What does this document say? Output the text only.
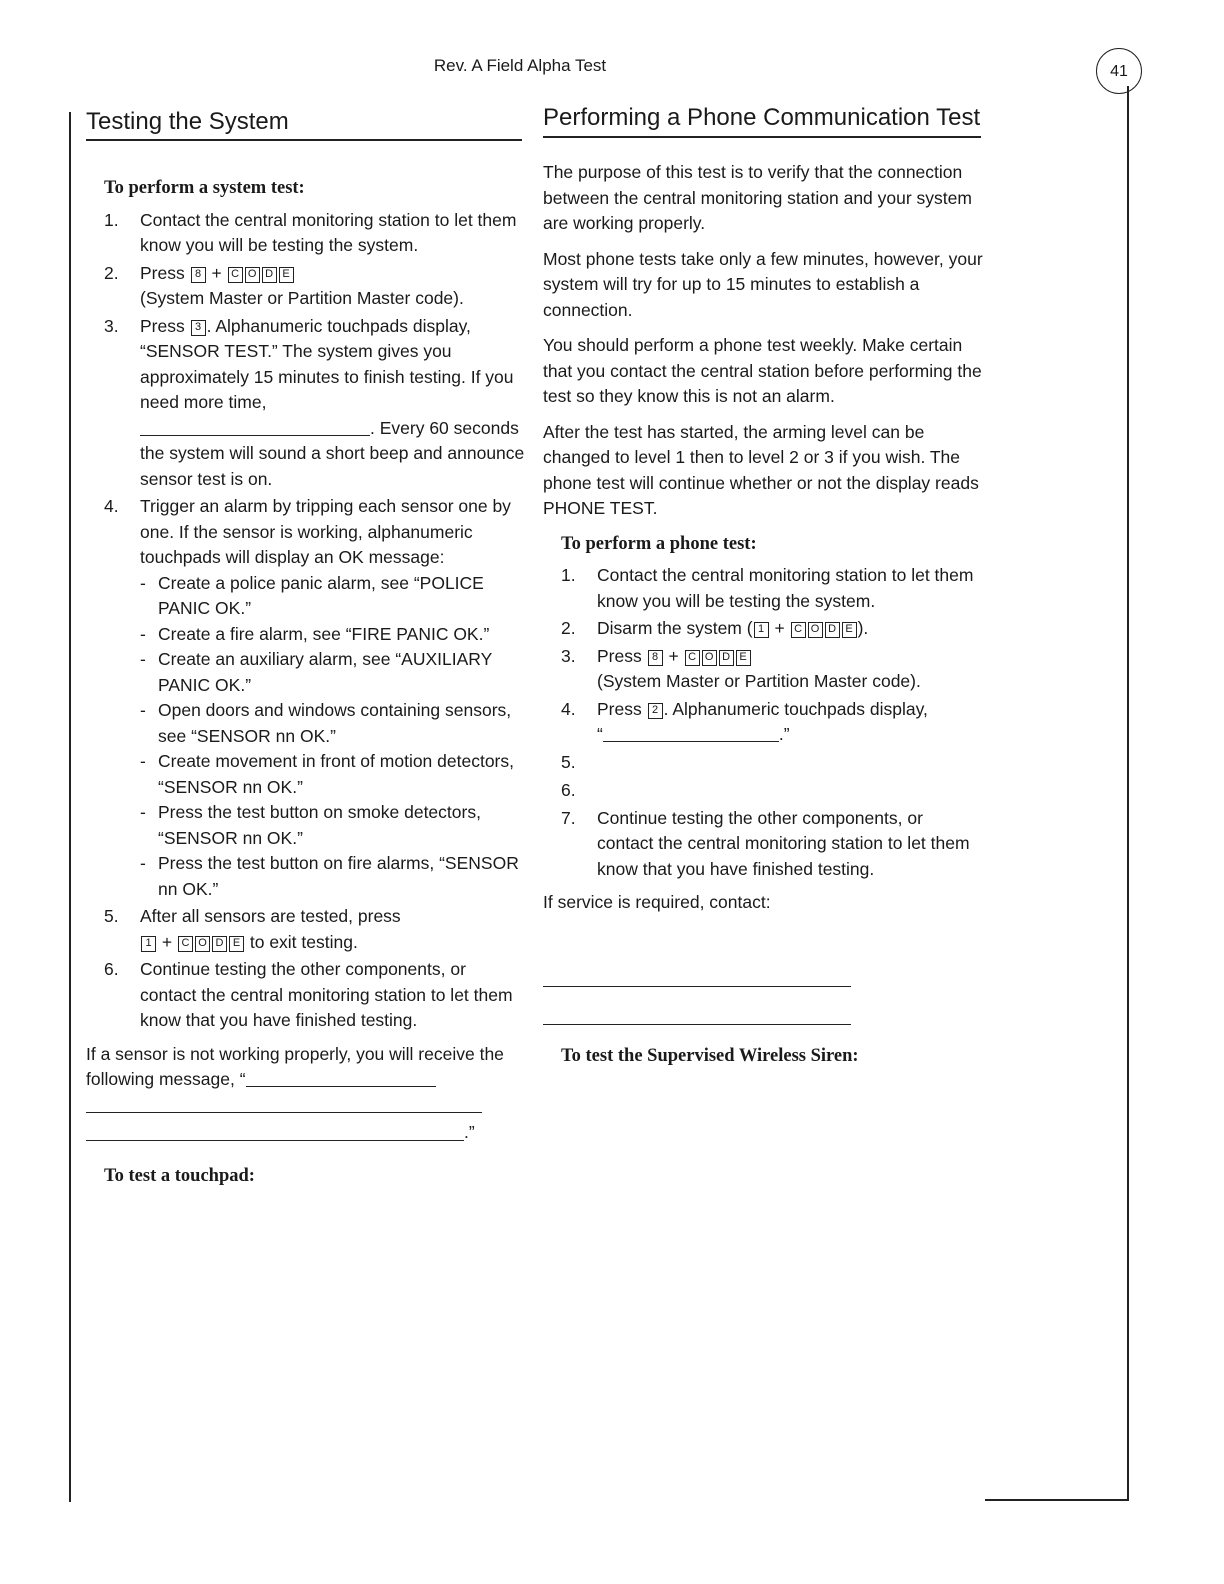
Rev. A Field Alpha Test	41
Testing the System
To perform a system test:
1. Contact the central monitoring station to let them know you will be testing the system.
2. Press 8 + C O D E
(System Master or Partition Master code).
3. Press 3 . Alphanumeric touchpads display, “SENSOR TEST.” The system gives you approximately 15 minutes to finish testing. If you need more time,
. Every 60 seconds the system will sound a short beep and announce sensor test is on.
4. Trigger an alarm by tripping each sensor one by one. If the sensor is working, alphanumeric touchpads will display an OK message:
- Create a police panic alarm, see “POLICE PANIC OK.”
- Create a fire alarm, see “FIRE PANIC OK.”
- Create an auxiliary alarm, see “AUXILIARY PANIC OK.”
- Open doors and windows containing sensors, see “SENSOR nn OK.”
- Create movement in front of motion detectors, “SENSOR nn OK.”
- Press the test button on smoke detectors, “SENSOR nn OK.”
- Press the test button on fire alarms, “SENSOR nn OK.”
5. After all sensors are tested, press
1 + C O D E to exit testing.
6. Continue testing the other components, or contact the central monitoring station to let them know that you have finished testing.

If a sensor is not working properly, you will receive the following message, “

.”
To test a touchpad:
Performing a Phone Communication Test

The purpose of this test is to verify that the connection between the central monitoring station and your system are working properly.

Most phone tests take only a few minutes, however, your system will try for up to 15 minutes to establish a connection.

You should perform a phone test weekly. Make certain that you contact the central station before performing the test so they know this is not an alarm.

After the test has started, the arming level can be changed to level 1 then to level 2 or 3 if you wish. The phone test will continue whether or not the display reads PHONE TEST.

To perform a phone test:
1. Contact the central monitoring station to let them know you will be testing the system.
2. Disarm the system ( 1 + C O D E ).
3. Press 8 + C O D E
(System Master or Partition Master code).
4. Press 2 . Alphanumeric touchpads display,
“	.”
5.
6.
7. Continue testing the other components, or contact the central monitoring station to let them know that you have finished testing.

If service is required, contact:

To test the Supervised Wireless Siren:
